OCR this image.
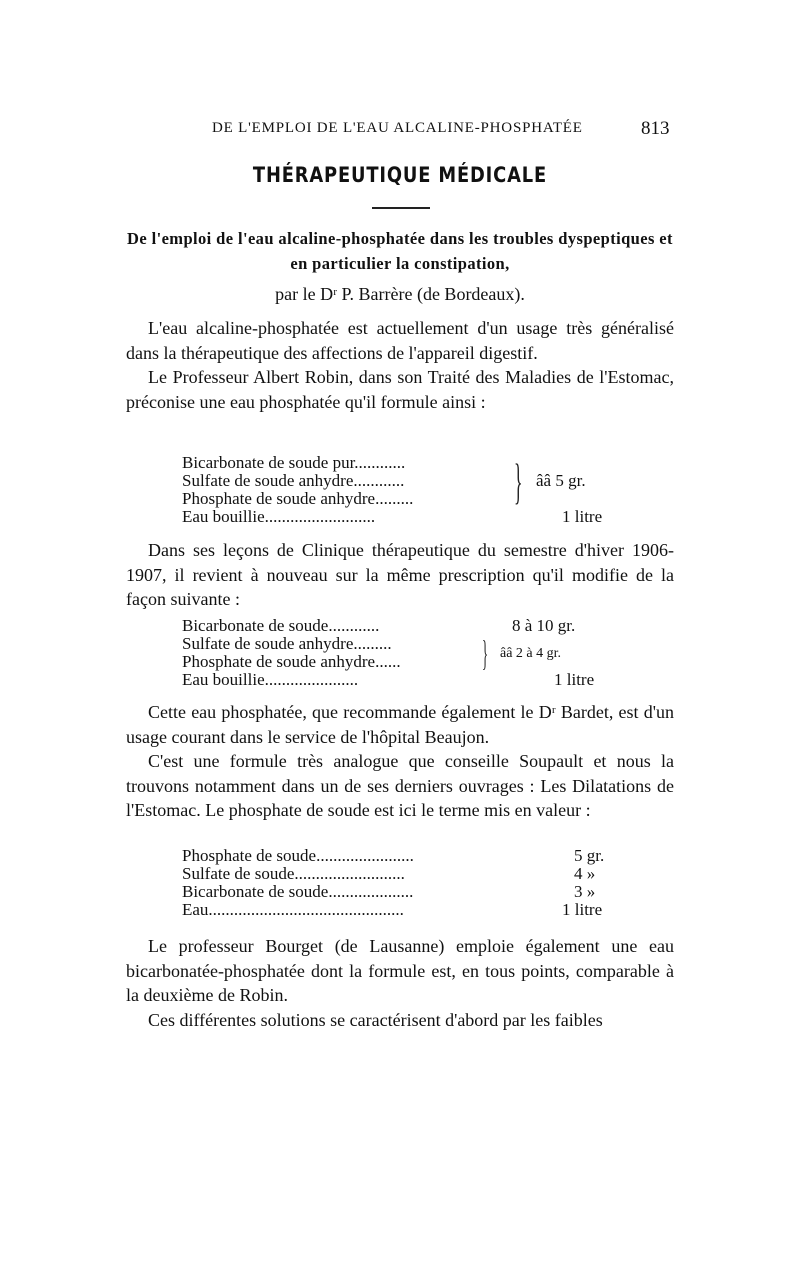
DE L'EMPLOI DE L'EAU ALCALINE-PHOSPHATÉE	813
THÉRAPEUTIQUE MÉDICALE
De l'emploi de l'eau alcaline-phosphatée dans les troubles dyspeptiques et en particulier la constipation,
par le Dʳ P. Barrère (de Bordeaux).

L'eau alcaline-phosphatée est actuellement d'un usage très généralisé dans la thérapeutique des affections de l'appareil digestif.

Le Professeur Albert Robin, dans son Traité des Maladies de l'Estomac, préconise une eau phosphatée qu'il formule ainsi :

Bicarbonate de soude pur............
Sulfate de soude anhydre............
Phosphate de soude anhydre.........
Eau bouillie..........................
} ââ 5 gr.
1 litre

Dans ses leçons de Clinique thérapeutique du semestre d'hiver 1906-1907, il revient à nouveau sur la même prescription qu'il modifie de la façon suivante :

Bicarbonate de soude............
Sulfate de soude anhydre.........
Phosphate de soude anhydre......
Eau bouillie......................
8 à 10 gr.
} ââ 2 à 4 gr.
1 litre

Cette eau phosphatée, que recommande également le Dʳ Bardet, est d'un usage courant dans le service de l'hôpital Beaujon.

C'est une formule très analogue que conseille Soupault et nous la trouvons notamment dans un de ses derniers ouvrages : Les Dilatations de l'Estomac. Le phosphate de soude est ici le terme mis en valeur :

Phosphate de soude.......................
Sulfate de soude..........................
Bicarbonate de soude....................
Eau..............................................
5 gr.
4 »
3 »
1 litre

Le professeur Bourget (de Lausanne) emploie également une eau bicarbonatée-phosphatée dont la formule est, en tous points, comparable à la deuxième de Robin.

Ces différentes solutions se caractérisent d'abord par les faibles
